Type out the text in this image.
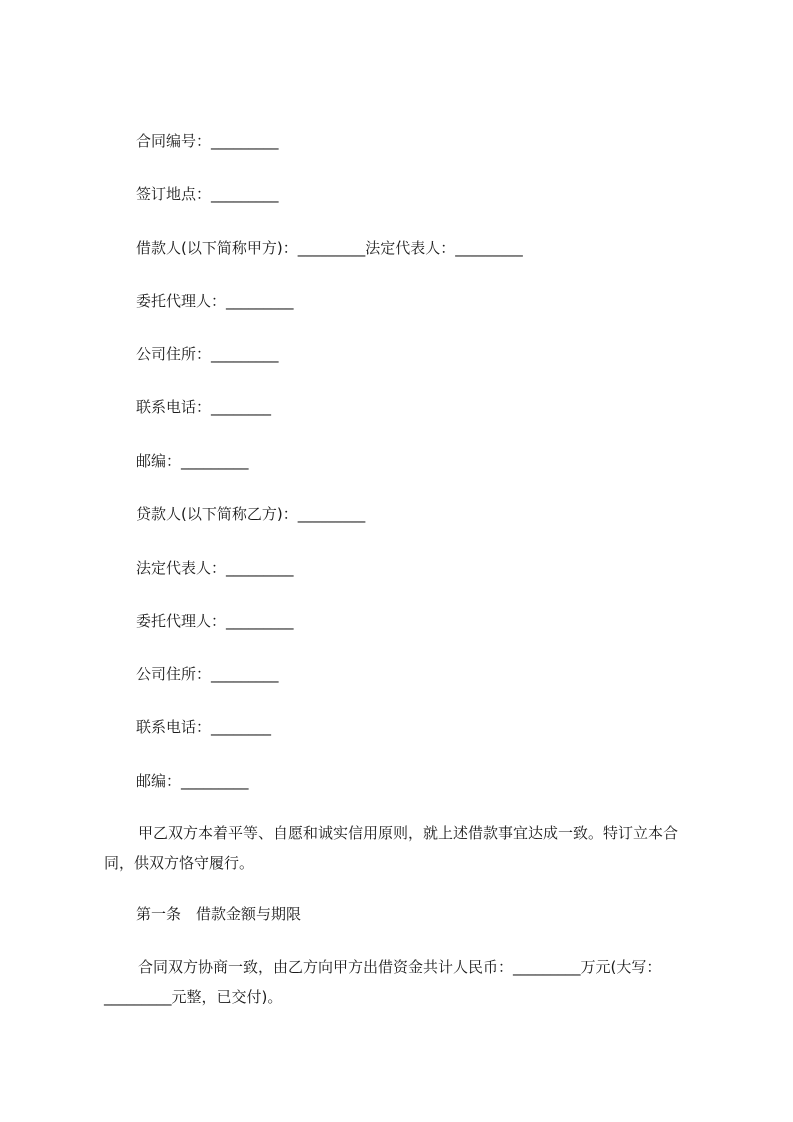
合同编号：_________

签订地点：_________

借款人(以下简称甲方)：_________法定代表人：_________

委托代理人：_________

公司住所：_________

联系电话：________

邮编：_________

贷款人(以下简称乙方)：_________

法定代表人：_________

委托代理人：_________

公司住所：_________

联系电话：________

邮编：_________

甲乙双方本着平等、自愿和诚实信用原则，就上述借款事宜达成一致。特订立本合同，供双方恪守履行。

第一条　借款金额与期限

合同双方协商一致，由乙方向甲方出借资金共计人民币：_________万元(大写：_________元整，已交付)。
